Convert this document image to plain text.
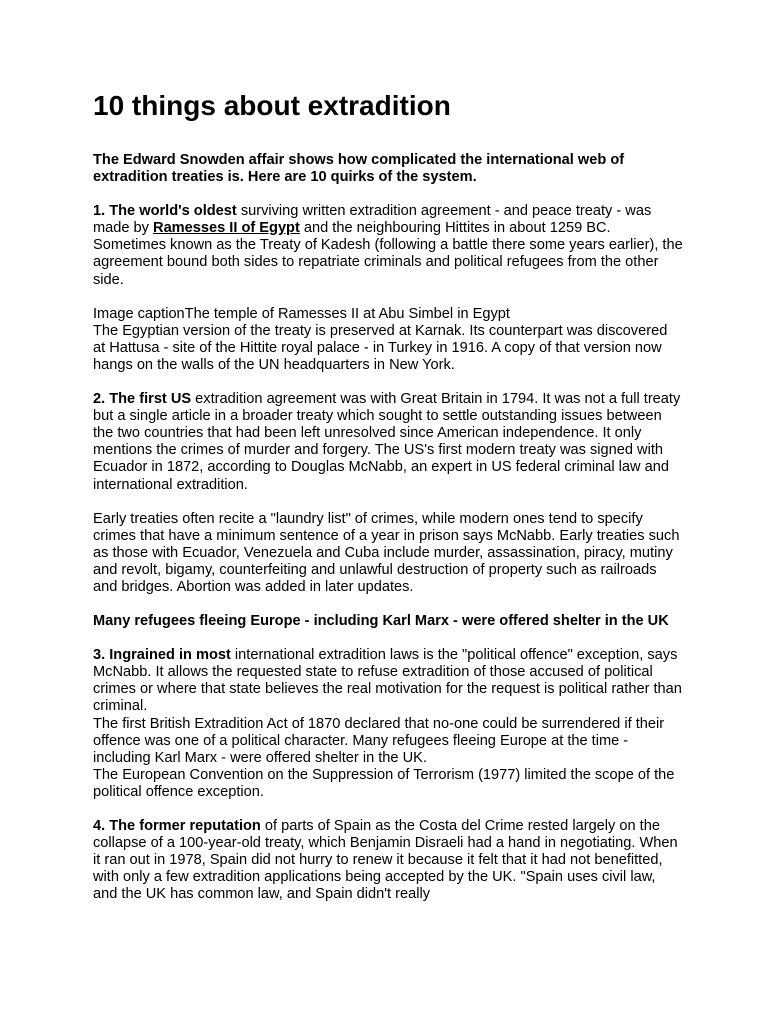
10 things about extradition

The Edward Snowden affair shows how complicated the international web of extradition treaties is. Here are 10 quirks of the system.

1. The world's oldest surviving written extradition agreement - and peace treaty - was made by Ramesses II of Egypt and the neighbouring Hittites in about 1259 BC. Sometimes known as the Treaty of Kadesh (following a battle there some years earlier), the agreement bound both sides to repatriate criminals and political refugees from the other side.

Image captionThe temple of Ramesses II at Abu Simbel in Egypt

The Egyptian version of the treaty is preserved at Karnak. Its counterpart was discovered at Hattusa - site of the Hittite royal palace - in Turkey in 1916. A copy of that version now hangs on the walls of the UN headquarters in New York.

2. The first US extradition agreement was with Great Britain in 1794. It was not a full treaty but a single article in a broader treaty which sought to settle outstanding issues between the two countries that had been left unresolved since American independence. It only mentions the crimes of murder and forgery. The US's first modern treaty was signed with Ecuador in 1872, according to Douglas McNabb, an expert in US federal criminal law and international extradition.

Early treaties often recite a "laundry list" of crimes, while modern ones tend to specify crimes that have a minimum sentence of a year in prison says McNabb. Early treaties such as those with Ecuador, Venezuela and Cuba include murder, assassination, piracy, mutiny and revolt, bigamy, counterfeiting and unlawful destruction of property such as railroads and bridges. Abortion was added in later updates.

Many refugees fleeing Europe - including Karl Marx - were offered shelter in the UK

3. Ingrained in most international extradition laws is the "political offence" exception, says McNabb. It allows the requested state to refuse extradition of those accused of political crimes or where that state believes the real motivation for the request is political rather than criminal.

The first British Extradition Act of 1870 declared that no-one could be surrendered if their offence was one of a political character. Many refugees fleeing Europe at the time - including Karl Marx - were offered shelter in the UK.

The European Convention on the Suppression of Terrorism (1977) limited the scope of the political offence exception.

4. The former reputation of parts of Spain as the Costa del Crime rested largely on the collapse of a 100-year-old treaty, which Benjamin Disraeli had a hand in negotiating. When it ran out in 1978, Spain did not hurry to renew it because it felt that it had not benefitted, with only a few extradition applications being accepted by the UK. "Spain uses civil law, and the UK has common law, and Spain didn't really
